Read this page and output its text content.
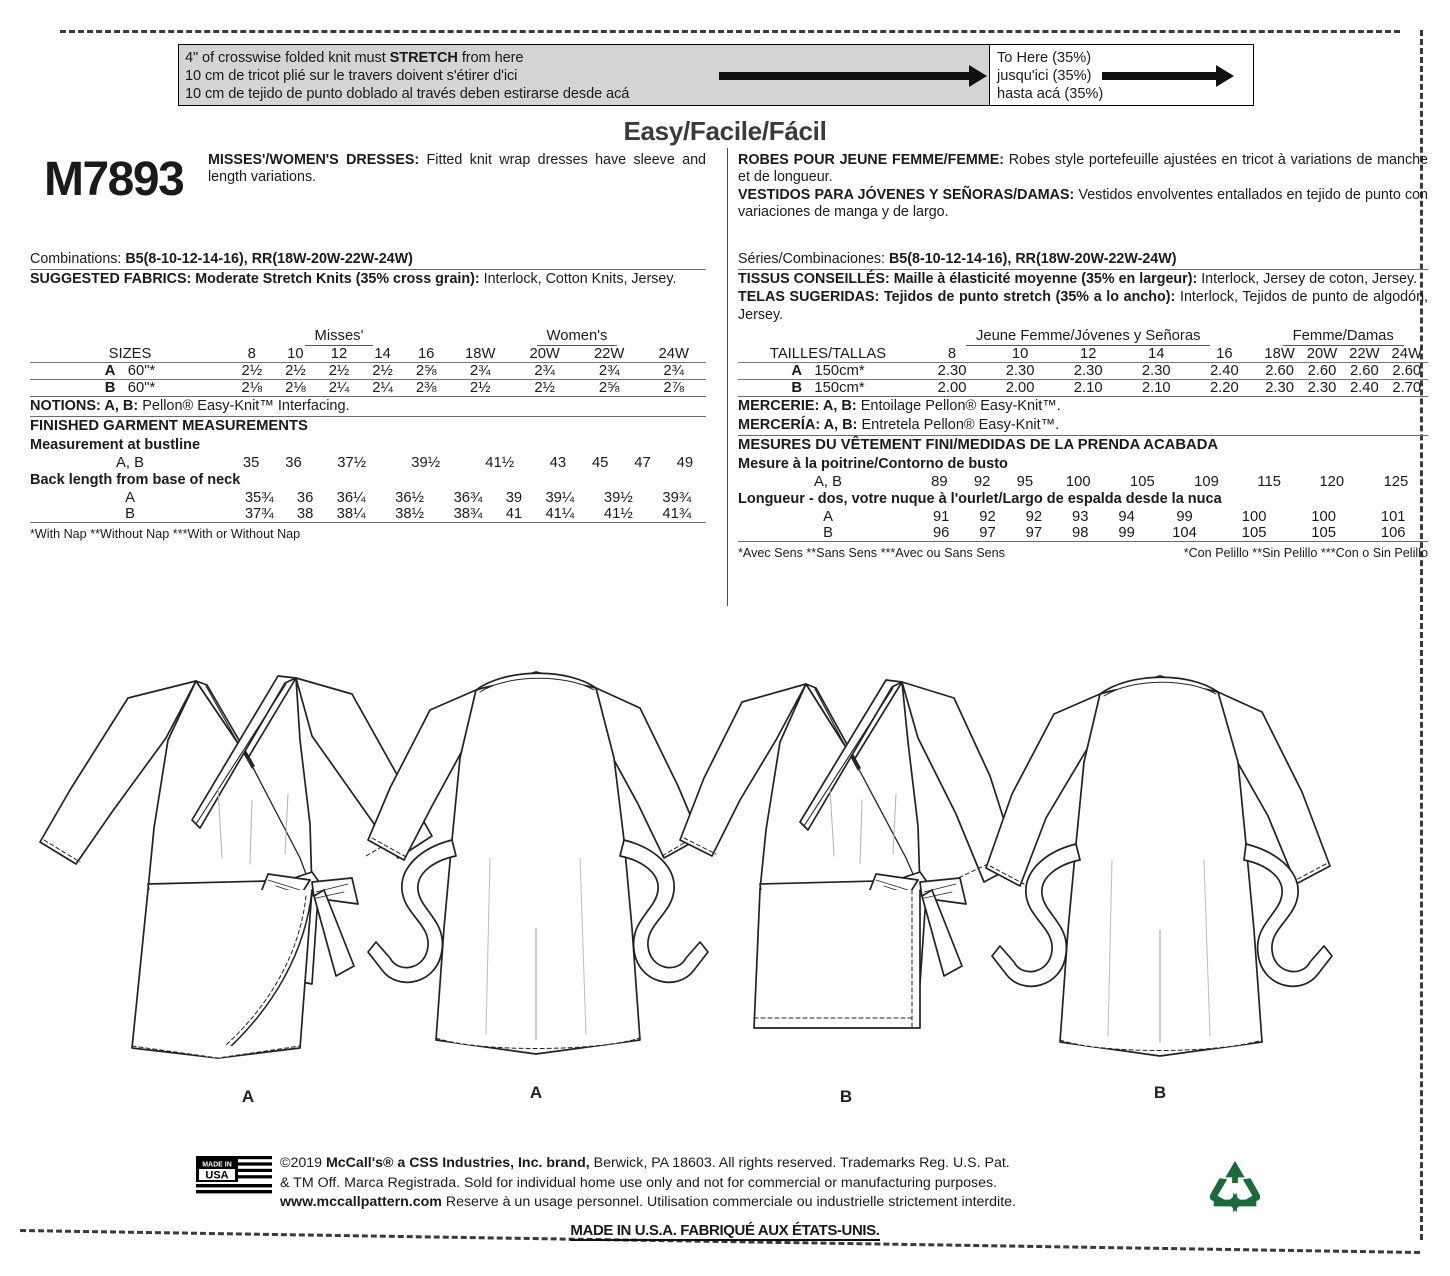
4" of crosswise folded knit must STRETCH from here
10 cm de tricot plié sur le travers doivent s'étirer d'ici
10 cm de tejido de punto doblado al través deben estirarse desde acá
To Here (35%)
jusqu'ici (35%)
hasta acá (35%)
Easy/Facile/Fácil
M7893 MISSES'/WOMEN'S DRESSES: Fitted knit wrap dresses have sleeve and length variations.
ROBES POUR JEUNE FEMME/FEMME: Robes style portefeuille ajustées en tricot à variations de manche et de longueur.
VESTIDOS PARA JÓVENES Y SEÑORAS/DAMAS: Vestidos envolventes entallados en tejido de punto con variaciones de manga y de largo.
Combinations: B5(8-10-12-14-16), RR(18W-20W-22W-24W)
SUGGESTED FABRICS: Moderate Stretch Knits (35% cross grain): Interlock, Cotton Knits, Jersey.
	Misses'					Women's			
SIZES	8	10	12	14	16	18W	20W	22W	24W
A 60"*	2½	2½	2½	2½	2⅝	2¾	2¾	2¾	2¾
B 60"*	2⅛	2⅛	2¼	2¼	2⅜	2½	2½	2⅝	2⅞
NOTIONS: A, B: Pellon® Easy-Knit™ Interfacing.
FINISHED GARMENT MEASUREMENTS
Measurement at bustline
A, B	35	36	37½	39½	41½	43	45	47	49
Back length from base of neck
A	35¾	36	36¼	36½	36¾	39	39¼	39½	39¾
B	37¾	38	38¼	38½	38¾	41	41¼	41½	41¾
*With Nap **Without Nap ***With or Without Nap
Séries/Combinaciones: B5(8-10-12-14-16), RR(18W-20W-22W-24W)
TISSUS CONSEILLÉS: Maille à élasticité moyenne (35% en largeur): Interlock, Jersey de coton, Jersey.
TELAS SUGERIDAS: Tejidos de punto stretch (35% a lo ancho): Interlock, Tejidos de punto de algodón, Jersey.
	Jeune Femme/Jóvenes y Señoras					Femme/Damas			
TAILLES/TALLAS	8	10	12	14	16	18W	20W	22W	24W
A 150cm*	2.30	2.30	2.30	2.30	2.40	2.60	2.60	2.60	2.60
B 150cm*	2.00	2.00	2.10	2.10	2.20	2.30	2.30	2.40	2.70
MERCERIE: A, B: Entoilage Pellon® Easy-Knit™.
MERCERÍA: A, B: Entretela Pellon® Easy-Knit™.
MESURES DU VÊTEMENT FINI/MEDIDAS DE LA PRENDA ACABADA
Mesure à la poitrine/Contorno de busto
A, B	89	92	95	100	105	109	115	120	125
Longueur - dos, votre nuque à l'ourlet/Largo de espalda desde la nuca
A	91	92	92	93	94	99	100	100	101
B	96	97	97	98	99	104	105	105	106
*Avec Sens **Sans Sens ***Avec ou Sans Sens	*Con Pelillo **Sin Pelillo ***Con o Sin Pelillo
A	A	B	B
MADE IN
USA
©2019 McCall's® a CSS Industries, Inc. brand, Berwick, PA 18603. All rights reserved. Trademarks Reg. U.S. Pat.
& TM Off. Marca Registrada. Sold for individual home use only and not for commercial or manufacturing purposes.
www.mccallpattern.com Reserve à un usage personnel. Utilisation commerciale ou industrielle strictement interdite.
MADE IN U.S.A. FABRIQUÉ AUX ÉTATS-UNIS.
